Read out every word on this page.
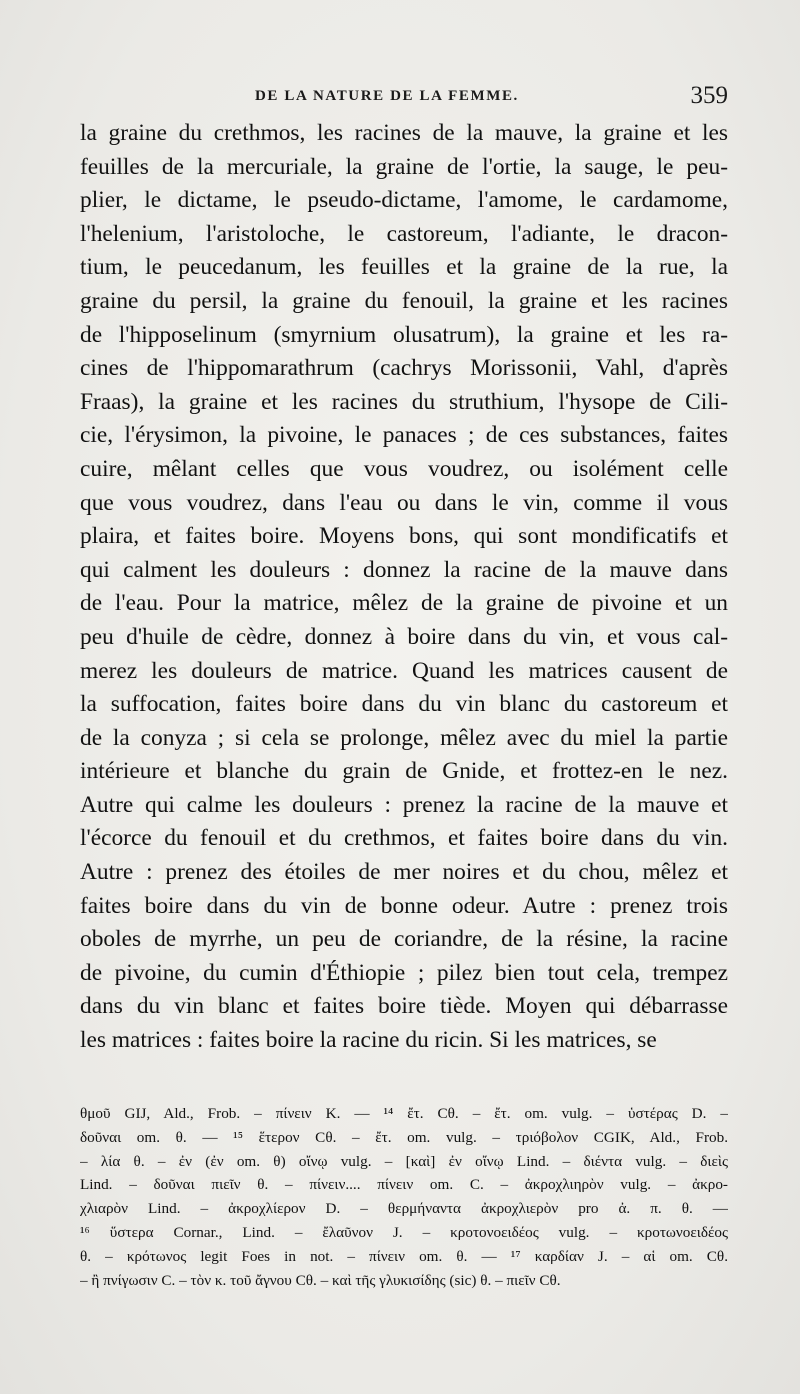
DE LA NATURE DE LA FEMME.	359
la graine du crethmos, les racines de la mauve, la graine et les
feuilles de la mercuriale, la graine de l'ortie, la sauge, le peu-
plier, le dictame, le pseudo-dictame, l'amome, le cardamome,
l'helenium, l'aristoloche, le castoreum, l'adiante, le dracon-
tium, le peucedanum, les feuilles et la graine de la rue, la
graine du persil, la graine du fenouil, la graine et les racines
de l'hipposelinum (smyrnium olusatrum), la graine et les ra-
cines de l'hippomarathrum (cachrys Morissonii, Vahl, d'après
Fraas), la graine et les racines du struthium, l'hysope de Cili-
cie, l'érysimon, la pivoine, le panaces ; de ces substances, faites
cuire, mêlant celles que vous voudrez, ou isolément celle
que vous voudrez, dans l'eau ou dans le vin, comme il vous
plaira, et faites boire. Moyens bons, qui sont mondificatifs et
qui calment les douleurs : donnez la racine de la mauve dans
de l'eau. Pour la matrice, mêlez de la graine de pivoine et un
peu d'huile de cèdre, donnez à boire dans du vin, et vous cal-
merez les douleurs de matrice. Quand les matrices causent de
la suffocation, faites boire dans du vin blanc du castoreum et
de la conyza ; si cela se prolonge, mêlez avec du miel la partie
intérieure et blanche du grain de Gnide, et frottez-en le nez.
Autre qui calme les douleurs : prenez la racine de la mauve et
l'écorce du fenouil et du crethmos, et faites boire dans du vin.
Autre : prenez des étoiles de mer noires et du chou, mêlez et
faites boire dans du vin de bonne odeur. Autre : prenez trois
oboles de myrrhe, un peu de coriandre, de la résine, la racine
de pivoine, du cumin d'Éthiopie ; pilez bien tout cela, trempez
dans du vin blanc et faites boire tiède. Moyen qui débarrasse
les matrices : faites boire la racine du ricin. Si les matrices, se
θμοῦ GIJ, Ald., Frob. – πίνειν K. — ¹⁴ ἔτ. Cθ. – ἔτ. om. vulg. – ὑστέρας D. –
δοῦναι om. θ. — ¹⁵ ἕτερον Cθ. – ἔτ. om. vulg. – τριόβολον CGIK, Ald., Frob.
– λία θ. – ἐν (ἐν om. θ) οἴνῳ vulg. – [καὶ] ἐν οἴνῳ Lind. – διέντα vulg. – διεὶς
Lind. – δοῦναι πιεῖν θ. – πίνειν.... πίνειν om. C. – ἀκροχλιηρὸν vulg. – ἀκρο-
χλιαρὸν Lind. – ἀκροχλίερον D. – θερμήναντα ἀκροχλιερὸν pro ἀ. π. θ. —
¹⁶ ὕστερα Cornar., Lind. – ἔλαῦνον J. – κροτονοειδέος vulg. – κροτωνοειδέος
θ. – κρότωνος legit Foes in not. – πίνειν om. θ. — ¹⁷ καρδίαν J. – αἱ om. Cθ.
– ἢ πνίγωσιν C. – τὸν κ. τοῦ ἄγνου Cθ. – καὶ τῆς γλυκισίδης (sic) θ. – πιεῖν Cθ.
